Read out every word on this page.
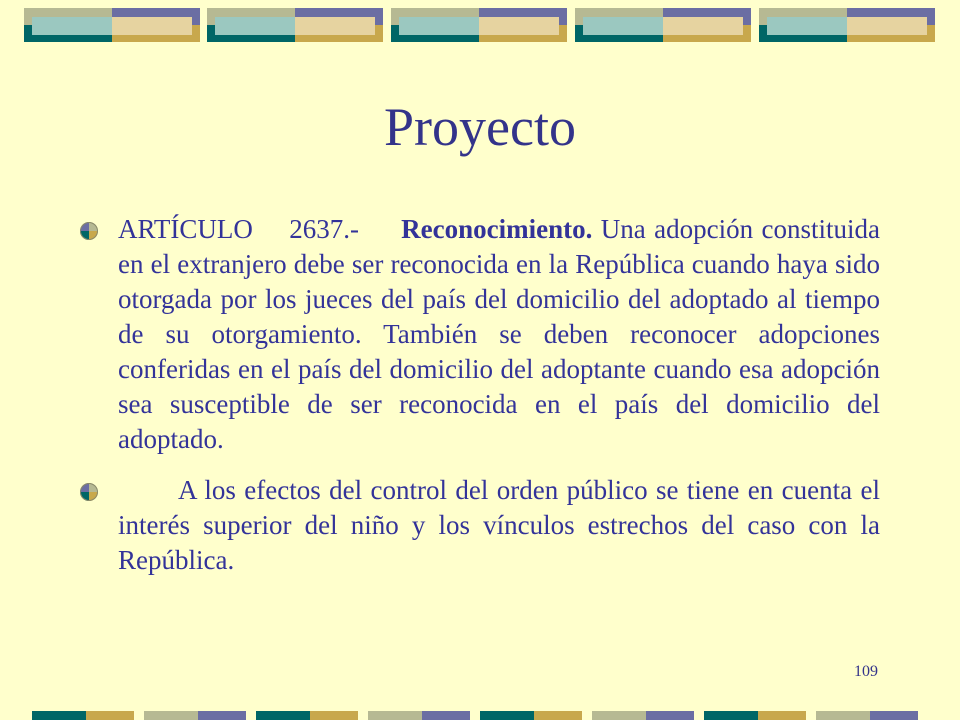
Proyecto

ARTÍCULO 2637.- Reconocimiento. Una adopción constituida en el extranjero debe ser reconocida en la República cuando haya sido otorgada por los jueces del país del domicilio del adoptado al tiempo de su otorgamiento. También se deben reconocer adopciones conferidas en el país del domicilio del adoptante cuando esa adopción sea susceptible de ser reconocida en el país del domicilio del adoptado.

A los efectos del control del orden público se tiene en cuenta el interés superior del niño y los vínculos estrechos del caso con la República.

109
